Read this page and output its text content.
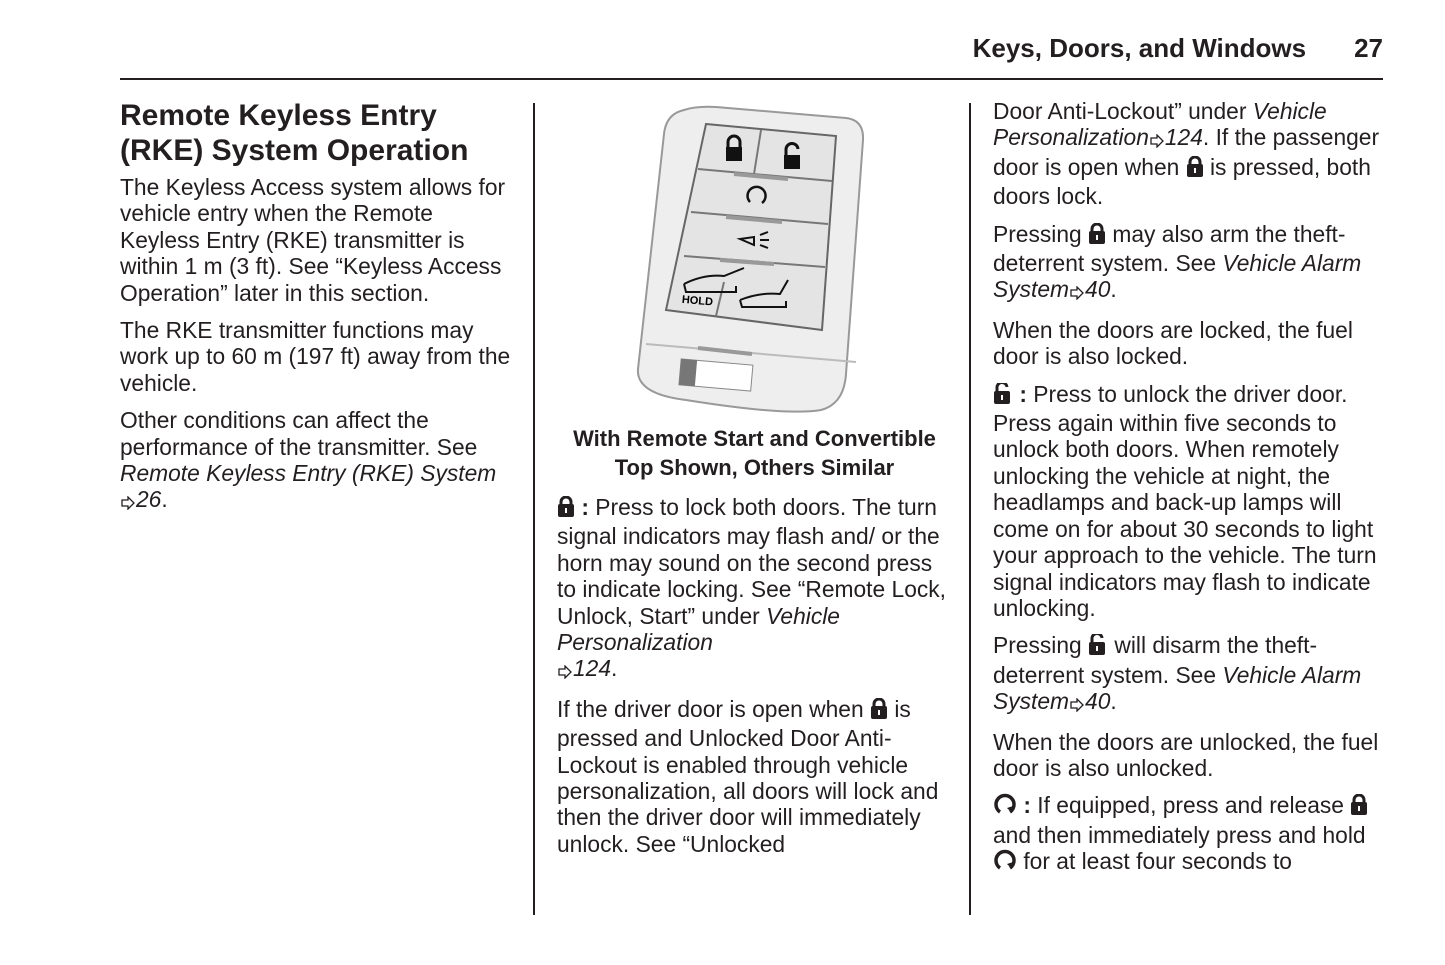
Keys, Doors, and Windows 27
Remote Keyless Entry (RKE) System Operation

The Keyless Access system allows for vehicle entry when the Remote Keyless Entry (RKE) transmitter is within 1 m (3 ft). See “Keyless Access Operation” later in this section.

The RKE transmitter functions may work up to 60 m (197 ft) away from the vehicle.

Other conditions can affect the performance of the transmitter. See Remote Keyless Entry (RKE) System26.

HOLD
With Remote Start and Convertible Top Shown, Others Similar

: Press to lock both doors. The turn signal indicators may flash and/ or the horn may sound on the second press to indicate locking. See “Remote Lock, Unlock, Start” under Vehicle Personalization
124.

If the driver door is open when  is pressed and Unlocked Door Anti-Lockout is enabled through vehicle personalization, all doors will lock and then the driver door will immediately unlock. See “Unlocked

Door Anti-Lockout” under Vehicle Personalization 124. If the passenger door is open when  is pressed, both doors lock.

Pressing  may also arm the theft-deterrent system. See Vehicle Alarm System 40.

When the doors are locked, the fuel door is also locked.

: Press to unlock the driver door. Press again within five seconds to unlock both doors. When remotely unlocking the vehicle at night, the headlamps and back-up lamps will come on for about 30 seconds to light your approach to the vehicle. The turn signal indicators may flash to indicate unlocking.

Pressing  will disarm the theft-deterrent system. See Vehicle Alarm System 40.

When the doors are unlocked, the fuel door is also unlocked.

: If equipped, press and release  and then immediately press and hold  for at least four seconds to
